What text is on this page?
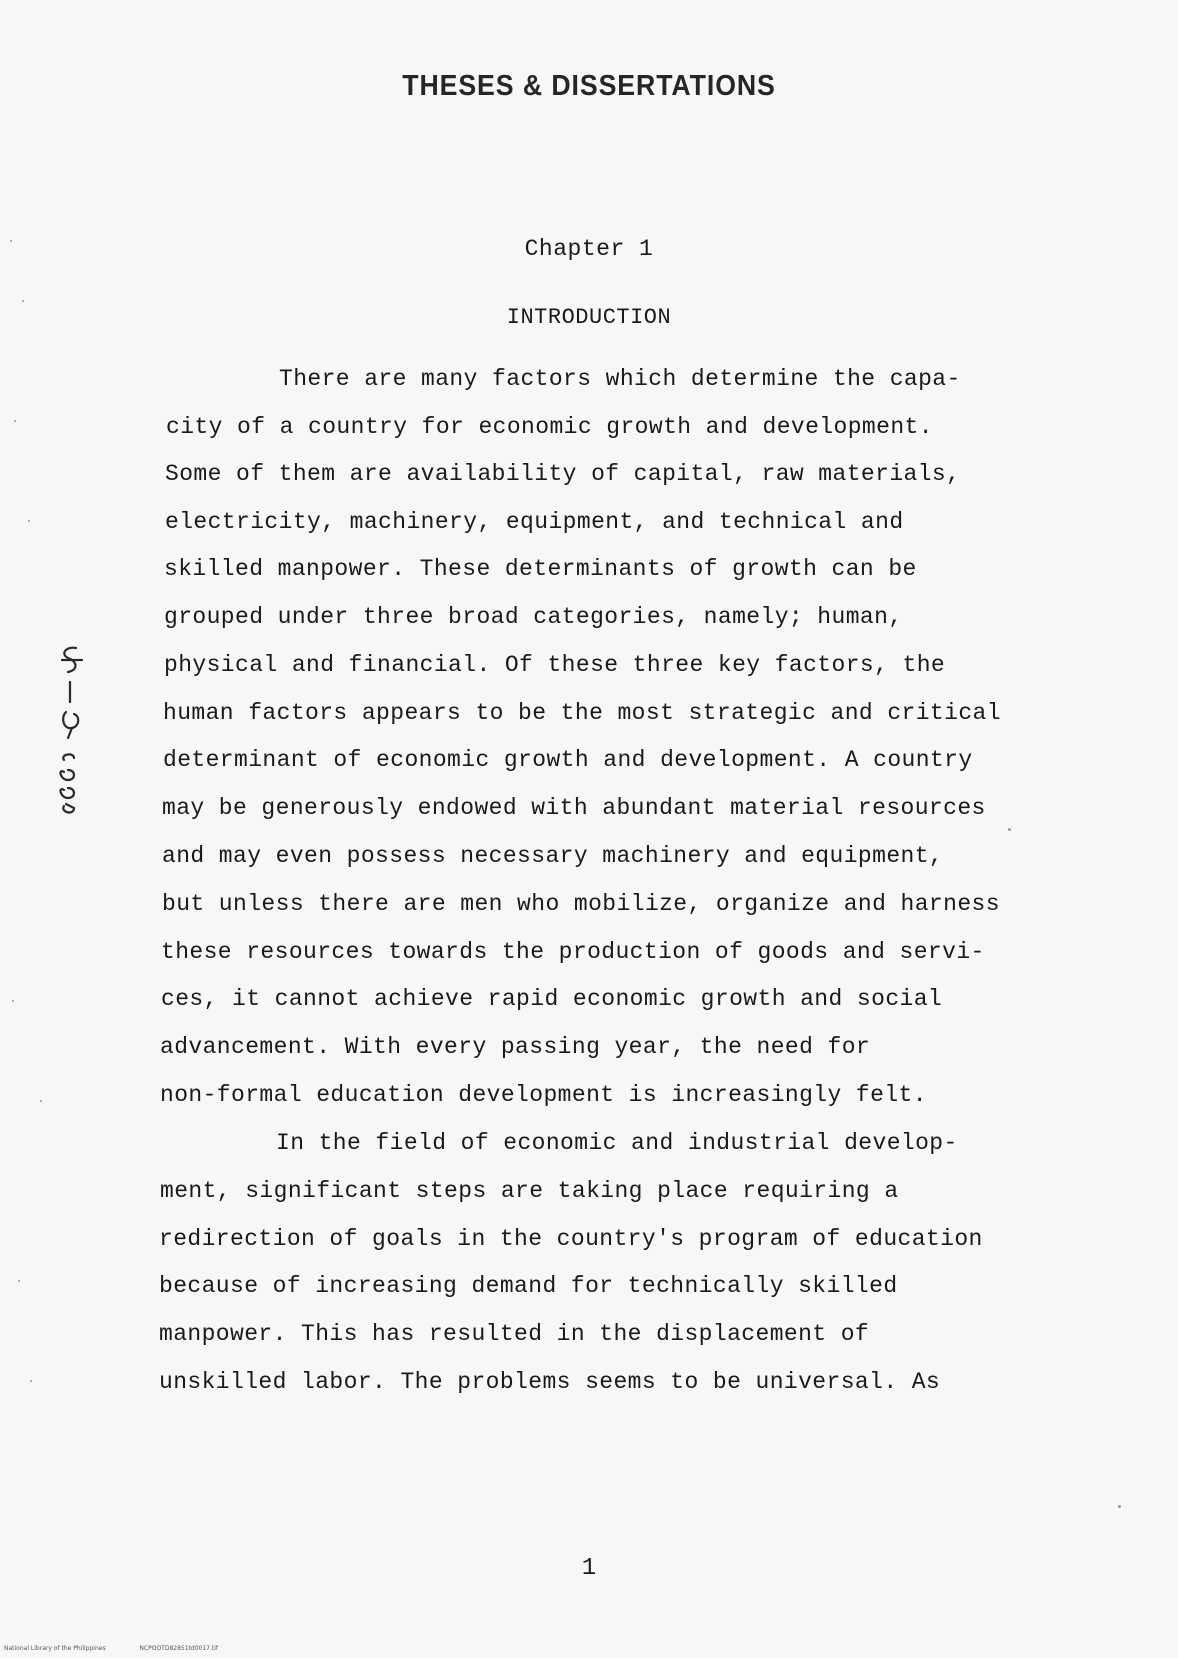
THESES & DISSERTATIONS
Chapter 1
INTRODUCTION
There are many factors which determine the capa-
city of a country for economic growth and development.
Some of them are availability of capital, raw materials,
electricity, machinery, equipment, and technical and
skilled manpower. These determinants of growth can be
grouped under three broad categories, namely; human,
physical and financial. Of these three key factors, the
human factors appears to be the most strategic and critical
determinant of economic growth and development. A country
may be generously endowed with abundant material resources
and may even possess necessary machinery and equipment,
but unless there are men who mobilize, organize and harness
these resources towards the production of goods and servi-
ces, it cannot achieve rapid economic growth and social
advancement. With every passing year, the need for
non-formal education development is increasingly felt.
In the field of economic and industrial develop-
ment, significant steps are taking place requiring a
redirection of goals in the country's program of education
because of increasing demand for technically skilled
manpower. This has resulted in the displacement of
unskilled labor. The problems seems to be universal. As
1
National Library of the Philippines	NCPOOTD82851td0017.tif
